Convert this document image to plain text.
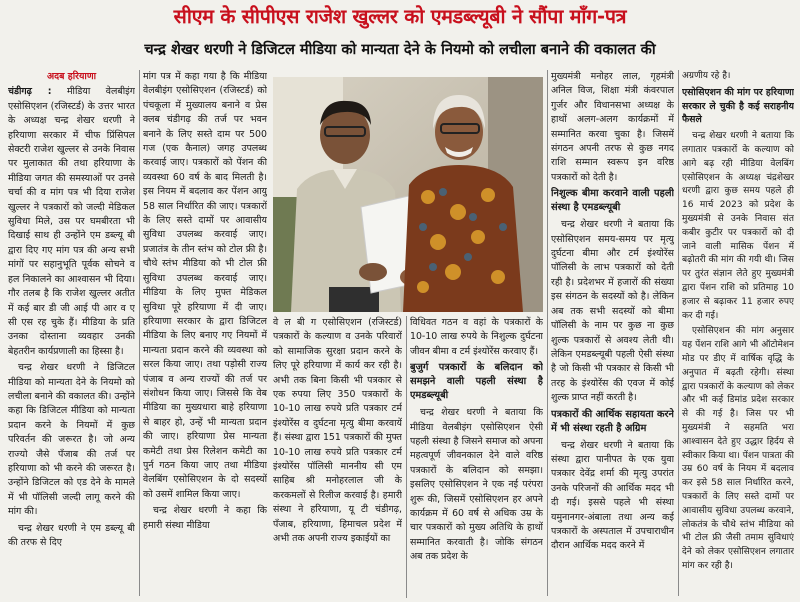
सीएम के सीपीएस राजेश खुल्लर को एमडब्ल्यूबी ने सौंपा माँग-पत्र
चन्द्र शेखर धरणी ने डिजिटल मीडिया को मान्यता देने के नियमो को लचीला बनाने की वकालत की
अदब हरियाणा

चंडीगढ़ : मीडिया वेलबीइंग एसोसिएशन (रजिस्टर्ड) के उत्तर भारत के अध्यक्ष चन्द्र शेखर धरणी ने हरियाणा सरकार में चीफ प्रिंसिपल सेक्टरी राजेश खुल्लर से उनके निवास पर मुलाकात की तथा हरियाणा के मीडिया जगत की समस्याओं पर उनसे चर्चा की व मांग पत्र भी दिया राजेश खुल्लर ने पत्रकारों को जल्दी मेडिकल सुविधा मिले, उस पर घमबीरता भी दिखाई साथ ही उन्होंने एम डब्ल्यू बी द्वारा दिए गए मांग पत्र की अन्य सभी मांगों पर सहानुभूति पूर्वक सोचने व हल निकालने का आश्वासन भी दिया। गौर तलब है कि राजेश खुल्लर अतीत में कई बार डी जी आई पी आर व ए सी एस रह चुके हैं। मीडिया के प्रति उनका दोस्ताना व्यवहार उनकी बेहतरीन कार्यप्रणाली का हिस्सा है।

चन्द्र शेखर धरणी ने डिजिटल मीडिया को मान्यता देने के नियमो को लचीला बनाने की वकालत की। उन्होंने कहा कि डिजिटल मीडिया को मान्यता प्रदान करने के नियमों में कुछ परिवर्तन की जरूरत है। जो अन्य राज्यो जैसे पँजाब की तर्ज पर हरियाणा को भी करने की जरूरत है। उन्होंने डिजिटल को एड देने के मामले में भी पॉलिसी जल्दी लागू करने की मांग की।

चन्द्र शेखर धरणी ने एम डब्ल्यू बी की तरफ से दिए

मांग पत्र में कहा गया है कि मीडिया वेलबीइंग एसोसिएशन (रजिस्टर्ड) को पंचकूला में मुख्यालय बनाने व प्रेस क्लब चंडीगढ़ की तर्ज पर भवन बनाने के लिए सस्ते दाम पर 500 गज (एक कैनाल) जगह उपलब्ध करवाई जाए। पत्रकारों को पेंशन की व्यवस्था 60 वर्ष के बाद मिलती है। इस नियम में बदलाव कर पेंशन आयु 58 साल निर्धारित की जाए। पत्रकारों के लिए सस्ते दामों पर आवासीय सुविधा उपलब्ध करवाई जाए। प्रजातंत्र के तीन स्तंभ को टोल फ्री है। चौथे स्तंभ मीडिया को भी टोल फ्री सुविधा उपलब्ध करवाई जाए। मीडिया के लिए मुफ्त मेडिकल सुविधा पूरे हरियाणा में दी जाए। हरियाणा सरकार के द्वारा डिजिटल मीडिया के लिए बनाए गए नियमों में मान्यता प्रदान करने की व्यवस्था को सरल किया जाए। तथा पड़ोसी राज्य पंजाब व अन्य राज्यों की तर्ज पर संशोधन किया जाए। जिससे कि वेब मीडिया का मुख्यधारा बाहे हरियाणा से बाहर हो, उन्हें भी मान्यता प्रदान की जाए। हरियाणा प्रेस मान्यता कमेटी तथा प्रेस रिलेशन कमेटी का पुर्न गठन किया जाए तथा मीडिया वेलबिंग एसोसिएशन के दो सदस्यों को उसमें शामिल किया जाए।

चन्द्र शेखर धरणी ने कहा कि हमारी संस्था मीडिया

वे ल बी ग एसोसिएशन (रजिस्टर्ड) पत्रकारों के कल्याण व उनके परिवारों को सामाजिक सुरक्षा प्रदान करने के लिए पूरे हरियाणा में कार्य कर रही है। अभी तक बिना किसी भी पत्रकार से एक रुपया लिए 350 पत्रकारों के 10-10 लाख रुपये प्रति पत्रकार टर्म इंश्योरेंस व दुर्घटना मृत्यु बीमा करवायें हैं। संस्था द्वारा 151 पत्रकारों की मुफ्त 10-10 लाख रुपये प्रति पत्रकार टर्म इंश्योरेंस पॉलिसी माननीय सी एम साहिब श्री मनोहरलाल जी के करकमलों से रिलीज करवाई है। हमारी संस्था ने हरियाणा, यू टी चंडीगढ़, पँजाब, हरियाणा, हिमाचल प्रदेश में अभी तक अपनी राज्य इकाईयों का

विधिवत गठन व वहां के पत्रकारों के 10-10 लाख रुपये के निशुल्क दुर्घटना जीवन बीमा व टर्म इंश्योरेंस करवाए हैं।

बुजुर्ग पत्रकारों के बलिदान को समझने वाली पहली संस्था है एमडब्ल्यूबी

चन्द्र शेखर धरणी ने बताया कि मीडिया वेलबीइंग एसोसिएशन ऐसी पहली संस्था है जिसने समाज को अपना महत्वपूर्ण जीवनकाल देने वाले वरिष्ठ पत्रकारों के बलिदान को समझा। इसलिए एसोसिएशन ने एक नई परंपरा शुरू की, जिसमें एसोसिएशन हर अपने कार्यक्रम में 60 वर्ष से अधिक उम्र के चार पत्रकारों को मुख्य अतिथि के हाथों सम्मानित करवाती है। जोकि संगठन अब तक प्रदेश के

मुख्यमंत्री मनोहर लाल, गृहमंत्री अनिल विज, शिक्षा मंत्री कंवरपाल गुर्जर और विधानसभा अध्यक्ष के हाथों अलग-अलग कार्यक्रमों में सम्मानित करवा चुका है। जिसमें संगठन अपनी तरफ से कुछ नगद राशि सम्मान स्वरूप इन वरिष्ठ पत्रकारों को देती है।

निशुल्क बीमा करवाने वाली पहली संस्था है एमडब्ल्यूबी

चन्द्र शेखर धरणी ने बताया कि एसोसिएशन समय-समय पर मृत्यु दुर्घटना बीमा और टर्म इंश्योरेंस पॉलिसी के लाभ पत्रकारों को देती रही है। प्रदेशभर में हजारों की संख्या इस संगठन के सदस्यों को है। लेकिन अब तक सभी सदस्यों को बीमा पॉलिसी के नाम पर कुछ ना कुछ शुल्क पत्रकारों से अवश्य लेती थी। लेकिन एमडब्ल्यूबी पहली ऐसी संस्था है जो किसी भी पत्रकार से किसी भी तरह के इंश्योरेंस की एवज में कोई शुल्क प्राप्त नहीं करती है।

पत्रकारों की आर्थिक सहायता करने में भी संस्था रहती है अग्रिम

चन्द्र शेखर धरणी ने बताया कि संस्था द्वारा पानीपत के एक युवा पत्रकार देवेंद्र शर्मा की मृत्यु उपरांत उनके परिजनों की आर्थिक मदद भी दी गई। इससे पहले भी संस्था यमुनानगर-अंबाला तथा अन्य कई पत्रकारों के अस्पताल में उपचाराधीन दौरान आर्थिक मदद करने में

अग्रणीय रहे है।

एसोसिएशन की मांग पर हरियाणा सरकार ले चुकी है कई सराहनीय फैसले

चन्द्र शेखर धरणी ने बताया कि लगातार पत्रकारों के कल्याण को आगे बढ़ रही मीडिया वेलबिंग एसोसिएशन के अध्यक्ष चंद्रशेखर धरणी द्वारा कुछ समय पहले ही 16 मार्च 2023 को प्रदेश के मुख्यमंत्री से उनके निवास संत कबीर कुटीर पर पत्रकारों को दी जाने वाली मासिक पेंशन में बढ़ोतरी की मांग की गयी थी। जिस पर तुरंत संज्ञान लेते हुए मुख्यमंत्री द्वारा पेंशन राशि को प्रतिमाह 10 हजार से बढ़ाकर 11 हजार रुपए कर दी गई।

एसोसिएशन की मांग अनुसार यह पेंशन राशि आगे भी ऑटोमेशन मोड पर डीए में वार्षिक वृद्धि के अनुपात में बढ़ती रहेगी। संस्था द्वारा पत्रकारों के कल्याण को लेकर और भी कई डिमांड प्रदेश सरकार से की गई है। जिस पर भी मुख्यमंत्री ने सहमति भरा आश्वासन देते हुए उद्धार हिर्दय से स्वीकार किया था। पेंशन पात्रता की उम्र 60 वर्ष के नियम में बदलाव कर इसे 58 साल निर्धारित करने, पत्रकारों के लिए सस्ते दामों पर आवासीय सुविधा उपलब्ध करवाने, लोकतंत्र के चौथे स्तंभ मीडिया को भी टोल फ्री जैसी तमाम सुविधाएं देने को लेकर एसोसिएशन लगातार मांग कर रही है।
